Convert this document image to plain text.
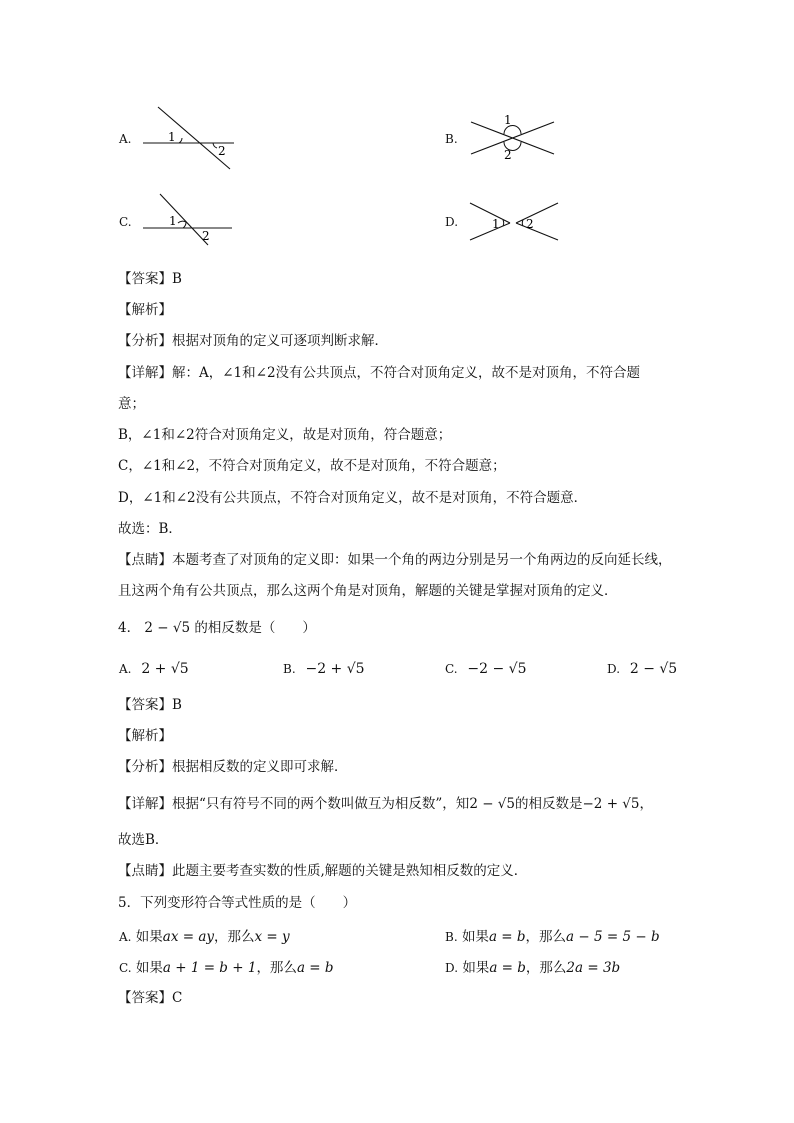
A.	1
2
B.
1
2
C.	1
2
D.	1 2
【答案】B
【解析】
【分析】根据对顶角的定义可逐项判断求解．
【详解】解：A，∠1和∠2没有公共顶点，不符合对顶角定义，故不是对顶角，不符合题
意；
B，∠1和∠2符合对顶角定义，故是对顶角，符合题意；
C，∠1和∠2，不符合对顶角定义，故不是对顶角，不符合题意；
D，∠1和∠2没有公共顶点，不符合对顶角定义，故不是对顶角，不符合题意．
故选：B．
【点睛】本题考查了对顶角的定义即：如果一个角的两边分别是另一个角两边的反向延长线，
且这两个角有公共顶点，那么这两个角是对顶角，解题的关键是掌握对顶角的定义．
4． 2 − √5 的相反数是（　　）
A. 2 + √5	B. −2 + √5	C. −2 − √5	D. 2 − √5
【答案】B
【解析】
【分析】根据相反数的定义即可求解．
【详解】根据“只有符号不同的两个数叫做互为相反数”，知2 − √5的相反数是−2 + √5，
故选B．
【点睛】此题主要考查实数的性质,解题的关键是熟知相反数的定义．
5．下列变形符合等式性质的是（　　）
A. 如果ax = ay，那么x = y	B. 如果a = b，那么a − 5 = 5 − b
C. 如果a + 1 = b + 1，那么a = b	D. 如果a = b，那么2a = 3b
【答案】C
